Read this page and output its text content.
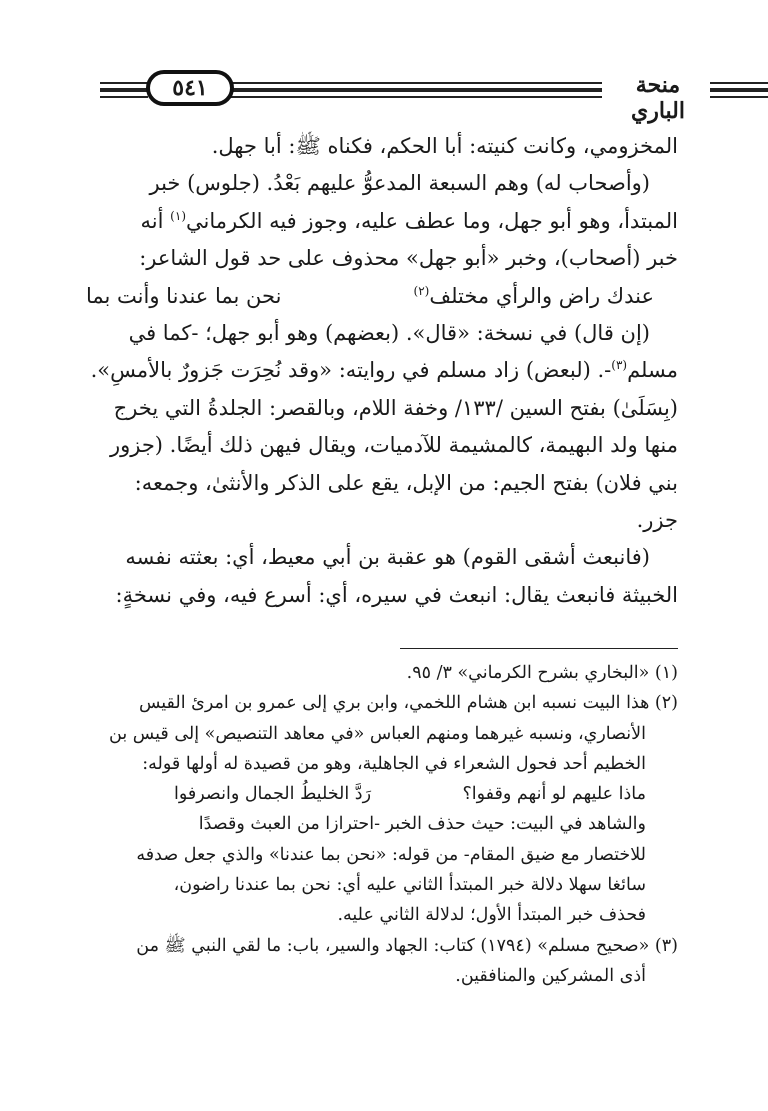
٥٤١	منحة الباري

المخزومي، وكانت كنيته: أبا الحكم، فكناه ﷺ: أبا جهل.

(وأصحاب له) وهم السبعة المدعوُّ عليهم بَعْدُ. (جلوس) خبر

المبتدأ، وهو أبو جهل، وما عطف عليه، وجوز فيه الكرماني$^{(١)}$ أنه

خبر (أصحاب)، وخبر «أبو جهل» محذوف على حد قول الشاعر:

نحن بما عندنا وأنت بما	عندك راض والرأي مختلف$^{(٢)}$

(إن قال) في نسخة: «قال». (بعضهم) وهو أبو جهل؛ -كما في

مسلم$^{(٣)}$-. (لبعض) زاد مسلم في روايته: «وقد نُحِرَت جَزورٌ بالأمسِ».

(بِسَلَىٰ) بفتح السين /١٣٣/ وخفة اللام، وبالقصر: الجلدةُ التي يخرج

منها ولد البهيمة، كالمشيمة للآدميات، ويقال فيهن ذلك أيضًا. (جزور

بني فلان) بفتح الجيم: من الإبل، يقع على الذكر والأنثىٰ، وجمعه:

جزر.

(فانبعث أشقى القوم) هو عقبة بن أبي معيط، أي: بعثته نفسه

الخبيثة فانبعث يقال: انبعث في سيره، أي: أسرع فيه، وفي نسخةٍ:

(١) «البخاري بشرح الكرماني» ٣/ ٩٥.

(٢) هذا البيت نسبه ابن هشام اللخمي، وابن بري إلى عمرو بن امرئ القيس

الأنصاري، ونسبه غيرهما ومنهم العباس «في معاهد التنصيص» إلى قيس بن

الخطيم أحد فحول الشعراء في الجاهلية، وهو من قصيدة له أولها قوله:

رَدَّ الخليطُ الجمال وانصرفوا	ماذا عليهم لو أنهم وقفوا؟

والشاهد في البيت: حيث حذف الخبر -احترازا من العبث وقصدًا

للاختصار مع ضيق المقام- من قوله: «نحن بما عندنا» والذي جعل صدفه

سائغا سهلا دلالة خبر المبتدأ الثاني عليه أي: نحن بما عندنا راضون،

فحذف خبر المبتدأ الأول؛ لدلالة الثاني عليه.

(٣) «صحيح مسلم» (١٧٩٤) كتاب: الجهاد والسير، باب: ما لقي النبي ﷺ من

أذى المشركين والمنافقين.
